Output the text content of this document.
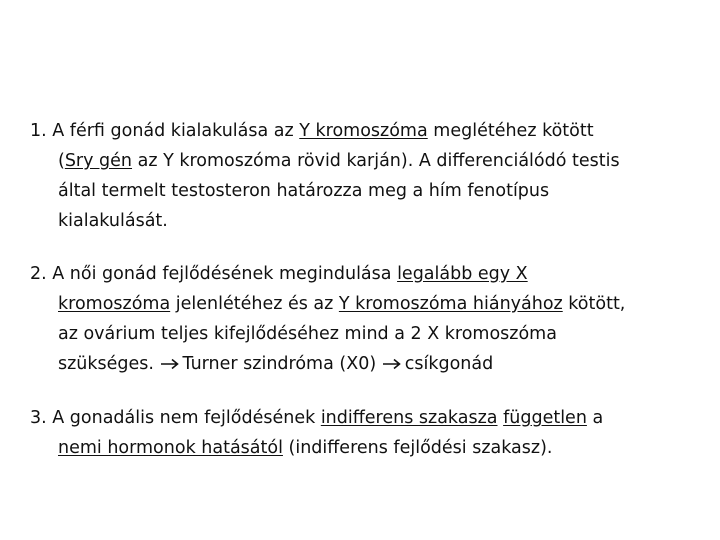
1. A férfi gonád kialakulása az Y kromoszóma meglétéhez kötött
(Sry gén az Y kromoszóma rövid karján). A differenciálódó testis
által termelt testosteron határozza meg a hím fenotípus
kialakulását.
2. A női gonád fejlődésének megindulása legalább egy X
kromoszóma jelenlétéhez és az Y kromoszóma hiányához kötött,
az ovárium teljes kifejlődéséhez mind a 2 X kromoszóma
szükséges. Turner szindróma (X0) csíkgonád
3. A gonadális nem fejlődésének indifferens szakasza független a
nemi hormonok hatásától (indifferens fejlődési szakasz).
